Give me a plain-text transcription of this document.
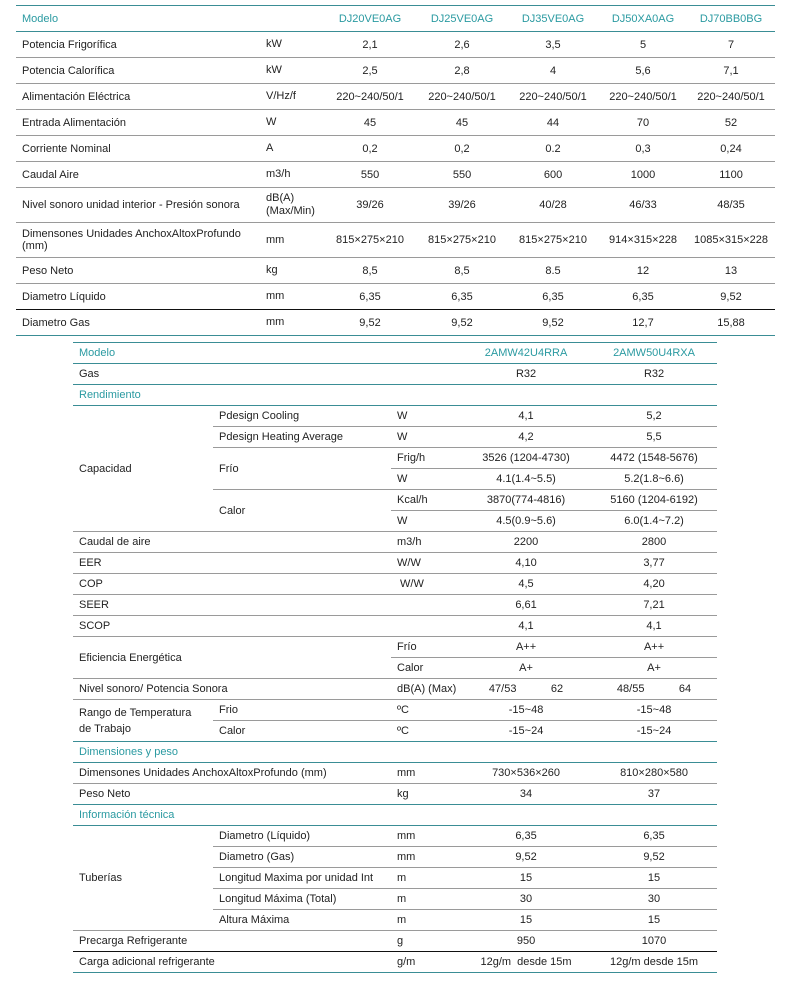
Modelo		DJ20VE0AG	DJ25VE0AG	DJ35VE0AG	DJ50XA0AG	DJ70BB0BG
Potencia Frigorífica	kW	2,1	2,6	3,5	5	7
Potencia Calorífica	kW	2,5	2,8	4	5,6	7,1
Alimentación Eléctrica	V/Hz/f	220~240/50/1	220~240/50/1	220~240/50/1	220~240/50/1	220~240/50/1
Entrada Alimentación	W	45	45	44	70	52
Corriente Nominal	A	0,2	0,2	0.2	0,3	0,24
Caudal Aire	m3/h	550	550	600	1000	1100
Nivel sonoro unidad interior - Presión sonora	dB(A) (Max/Min)	39/26	39/26	40/28	46/33	48/35
Dimensones Unidades AnchoxAltoxProfundo (mm)	mm	815×275×210	815×275×210	815×275×210	914×315×228	1085×315×228
Peso Neto	kg	8,5	8,5	8.5	12	13
Diametro Líquido	mm	6,35	6,35	6,35	6,35	9,52
Diametro Gas	mm	9,52	9,52	9,52	12,7	15,88
Modelo			2AMW42U4RRA	2AMW50U4RXA
Gas			R32	R32
Rendimiento				
Capacidad	Pdesign Cooling	W	4,1	5,2
	Pdesign Heating Average	W	4,2	5,5
	Frío	Frig/h	3526 (1204-4730)	4472 (1548-5676)
		W	4.1(1.4~5.5)	5.2(1.8~6.6)
	Calor	Kcal/h	3870(774-4816)	5160 (1204-6192)
		W	4.5(0.9~5.6)	6.0(1.4~7.2)
Caudal de aire		m3/h	2200	2800
EER		W/W	4,10	3,77
COP		W/W	4,5	4,20
SEER			6,61	7,21
SCOP			4,1	4,1
Eficiencia Energética		Frío	A++	A++
		Calor	A+	A+
Nivel sonoro/ Potencia Sonora		dB(A) (Max)	47/53 62	48/55 64
Rango de Temperatura
de Trabajo	Frio	ºC	-15~48	-15~48
	Calor	ºC	-15~24	-15~24
Dimensiones y peso				
Dimensones Unidades AnchoxAltoxProfundo (mm)		mm	730×536×260	810×280×580
Peso Neto		kg	34	37
Información técnica				
Tuberías	Diametro (Líquido)	mm	6,35	6,35
	Diametro (Gas)	mm	9,52	9,52
	Longitud Maxima por unidad Int	m	15	15
	Longitud Máxima (Total)	m	30	30
	Altura Máxima	m	15	15
Precarga Refrigerante		g	950	1070
Carga adicional refrigerante		g/m	12g/m  desde 15m	12g/m desde 15m
